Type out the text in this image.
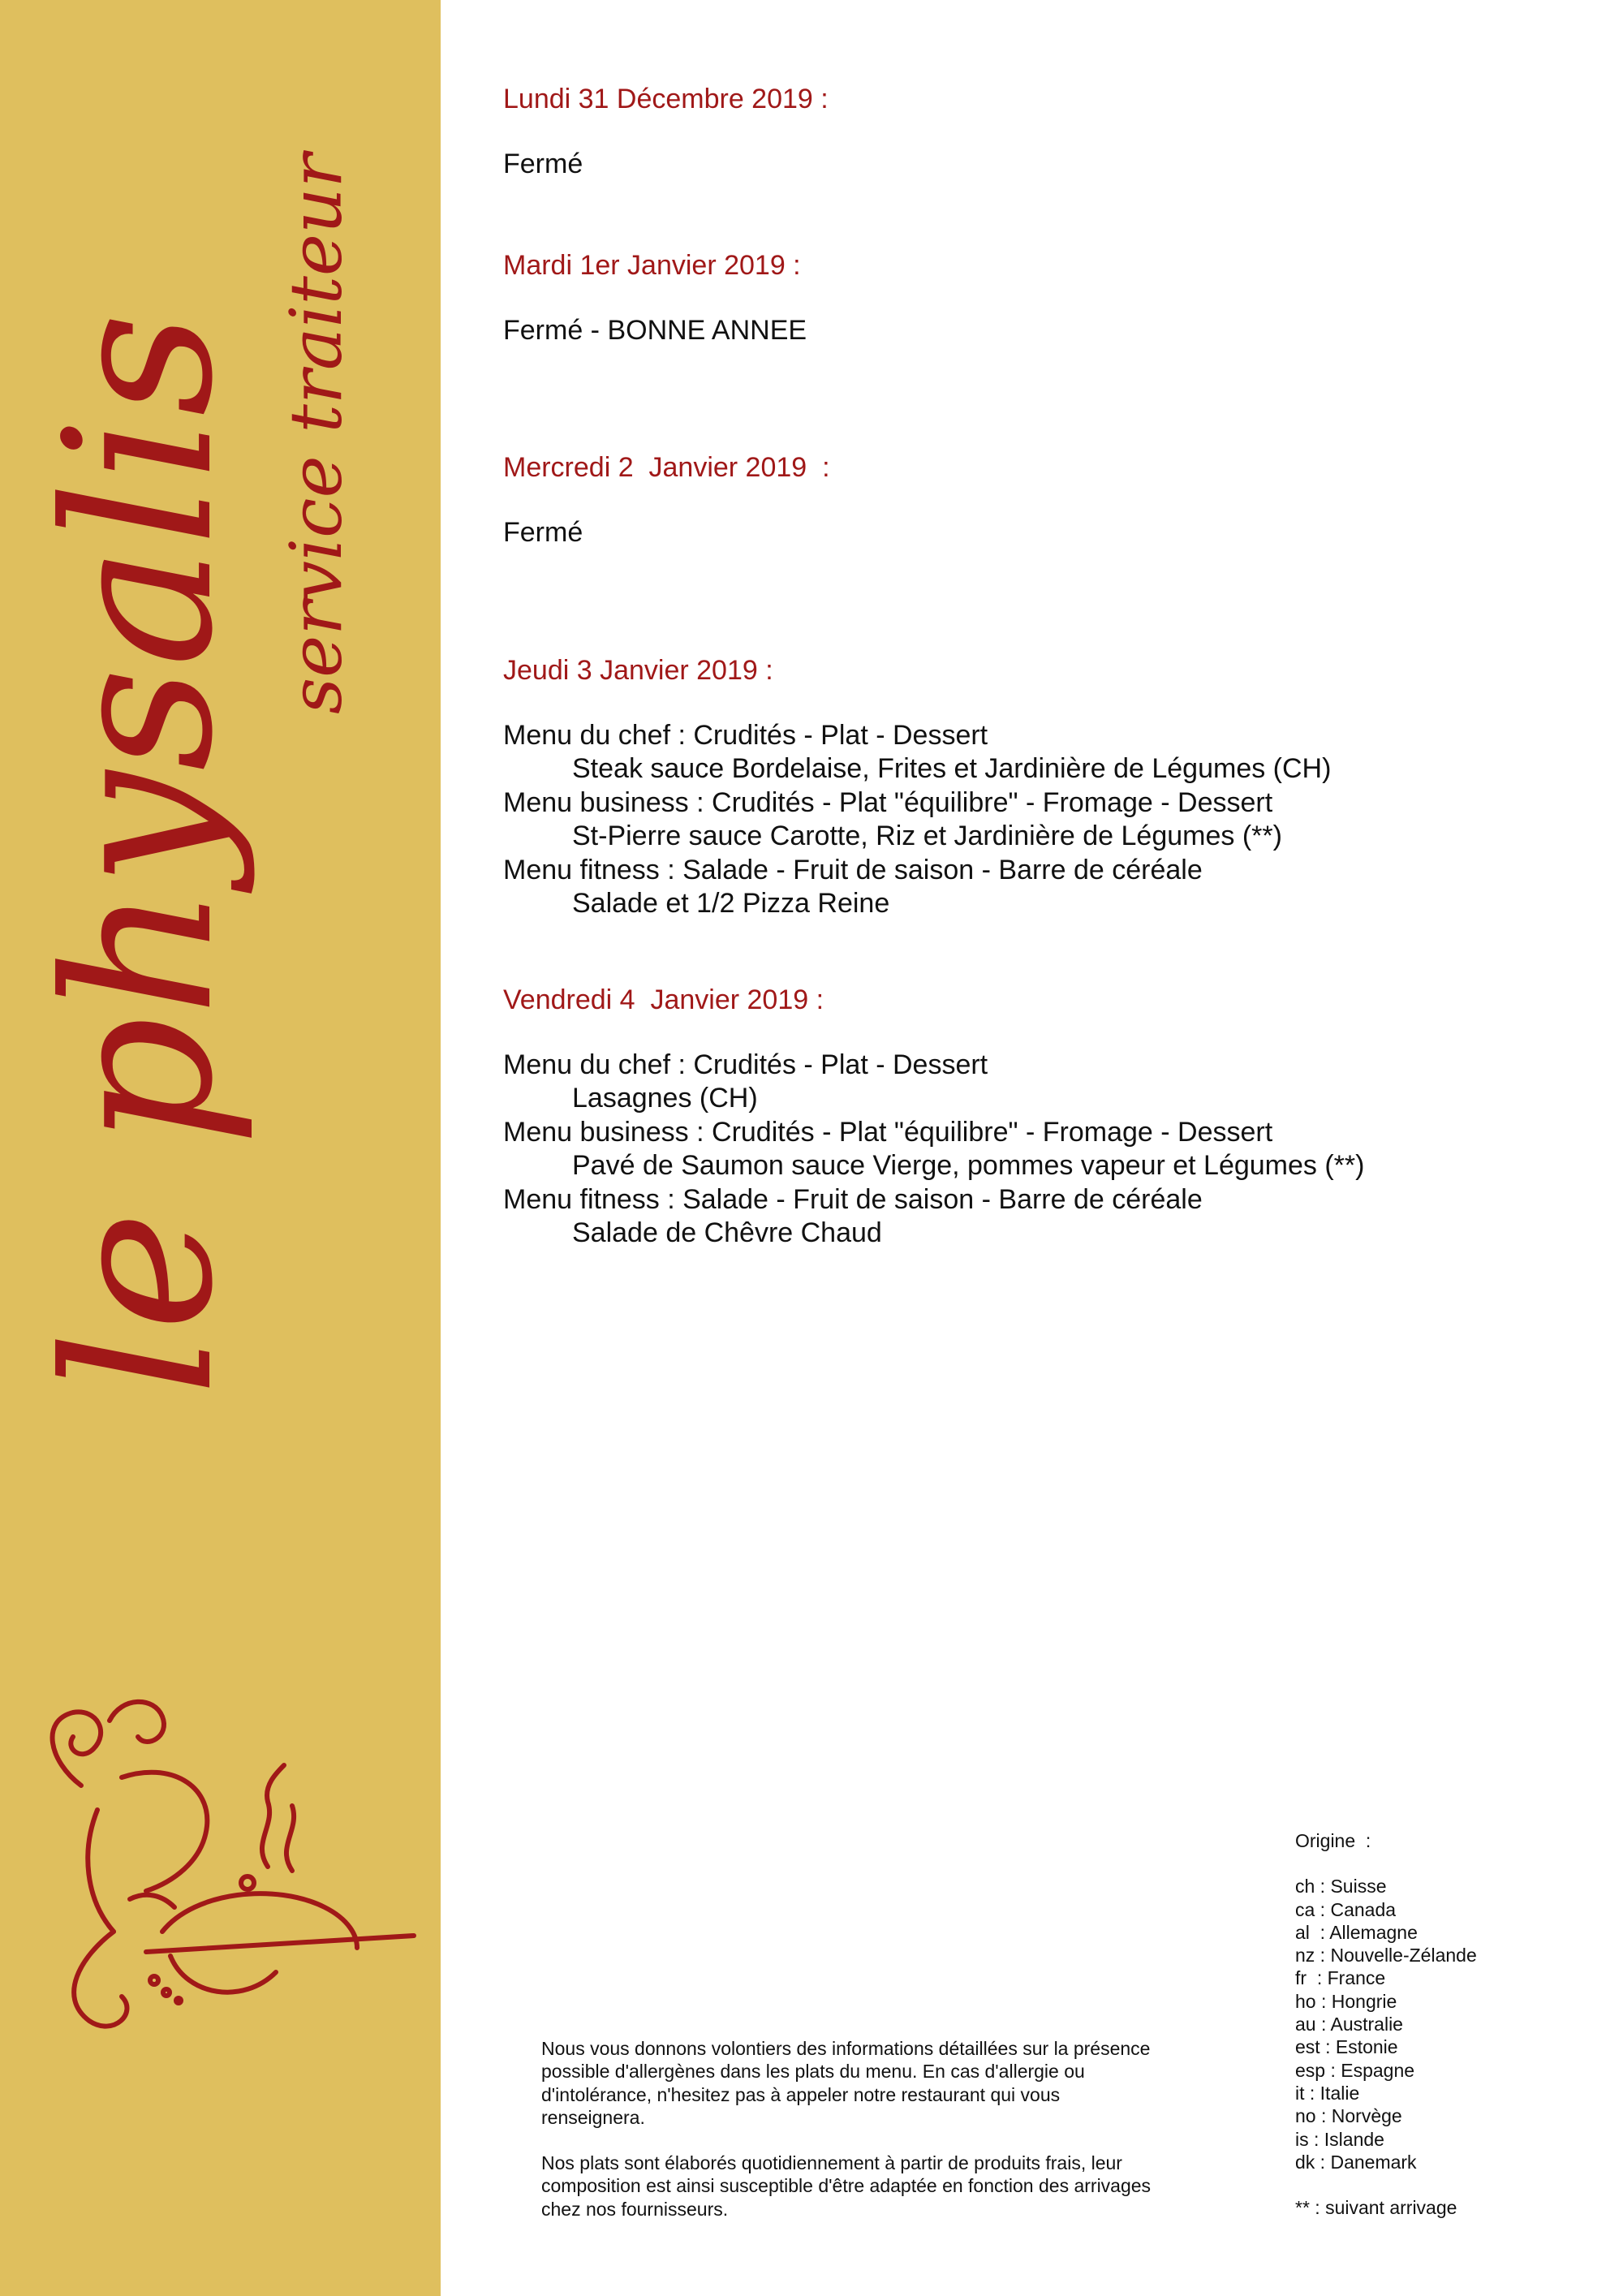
le physalis service traiteur
Lundi 31 Décembre 2019 :
Fermé
Mardi 1er Janvier 2019 :
Fermé - BONNE ANNEE
Mercredi 2  Janvier 2019  :
Fermé
Jeudi 3 Janvier 2019 :
Menu du chef : Crudités - Plat - Dessert
Steak sauce Bordelaise, Frites et Jardinière de Légumes (CH)
Menu business : Crudités - Plat "équilibre" - Fromage - Dessert
St-Pierre sauce Carotte, Riz et Jardinière de Légumes (**)
Menu fitness : Salade - Fruit de saison - Barre de céréale
Salade et 1/2 Pizza Reine
Vendredi 4  Janvier 2019 :
Menu du chef : Crudités - Plat - Dessert
Lasagnes (CH)
Menu business : Crudités - Plat "équilibre" - Fromage - Dessert
Pavé de Saumon sauce Vierge, pommes vapeur et Légumes (**)
Menu fitness : Salade - Fruit de saison - Barre de céréale
Salade de Chêvre Chaud

Nous vous donnons volontiers des informations détaillées sur la présence possible d'allergènes dans les plats du menu. En cas d'allergie ou d'intolérance, n'hesitez pas à appeler notre restaurant qui vous renseignera.

Nos plats sont élaborés quotidiennement à partir de produits frais, leur composition est ainsi susceptible d'être adaptée en fonction des arrivages chez nos fournisseurs.

Origine  :
ch : Suisse
ca : Canada
al  : Allemagne
nz : Nouvelle-Zélande
fr  : France
ho : Hongrie
au : Australie
est : Estonie
esp : Espagne
it : Italie
no : Norvège
is : Islande
dk : Danemark
** : suivant arrivage
